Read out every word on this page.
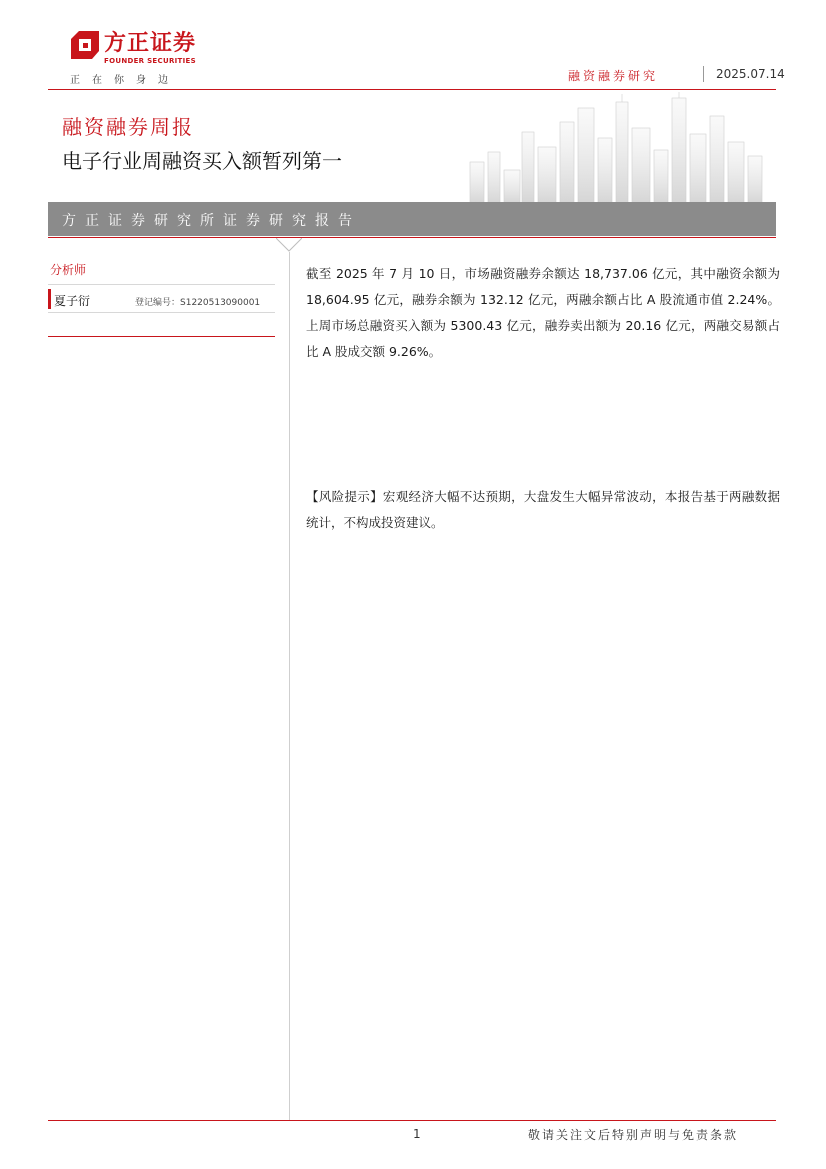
方正证券
FOUNDER SECURITIES
正在你身边	融资融券研究	2025.07.14
融资融券周报
电子行业周融资买入额暂列第一
方正证券研究所证券研究报告
分析师
夏子衍	登记编号：S1220513090001

截至 2025 年 7 月 10 日，市场融资融券余额达 18,737.06 亿元，其中融资余额为 18,604.95 亿元，融券余额为 132.12 亿元，两融余额占比 A 股流通市值 2.24%。上周市场总融资买入额为 5300.43 亿元，融券卖出额为 20.16 亿元，两融交易额占比 A 股成交额 9.26%。

【风险提示】宏观经济大幅不达预期，大盘发生大幅异常波动，本报告基于两融数据统计，不构成投资建议。

1	敬请关注文后特别声明与免责条款
